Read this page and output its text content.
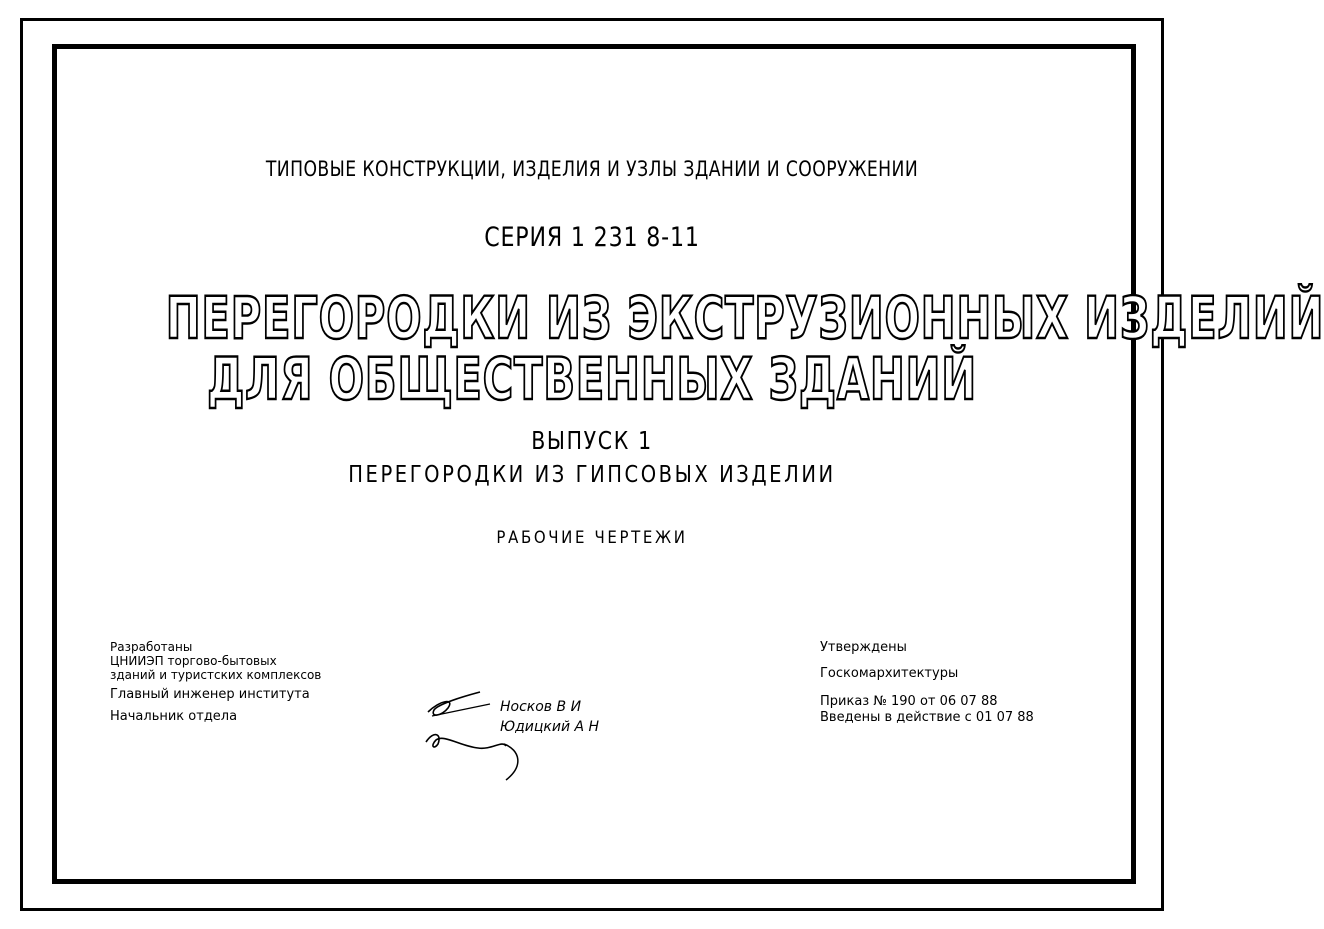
ТИПОВЫЕ КОНСТРУКЦИИ, ИЗДЕЛИЯ И УЗЛЫ ЗДАНИИ И СООРУЖЕНИИ
СЕРИЯ 1 231 8-11
ПЕРЕГОРОДКИ ИЗ ЭКСТРУЗИОННЫХ ИЗДЕЛИЙ
ДЛЯ ОБЩЕСТВЕННЫХ ЗДАНИЙ
ВЫПУСК 1
ПЕРЕГОРОДКИ ИЗ ГИПСОВЫХ ИЗДЕЛИИ
РАБОЧИЕ ЧЕРТЕЖИ
Разработаны
ЦНИИЭП торгово-бытовых
зданий и туристских комплексов
Главный инженер института
Начальник отдела
Носков В И
Юдицкий А Н
Утверждены
Госкомархитектуры
Приказ № 190 от 06 07 88
Введены в действие с 01 07 88
